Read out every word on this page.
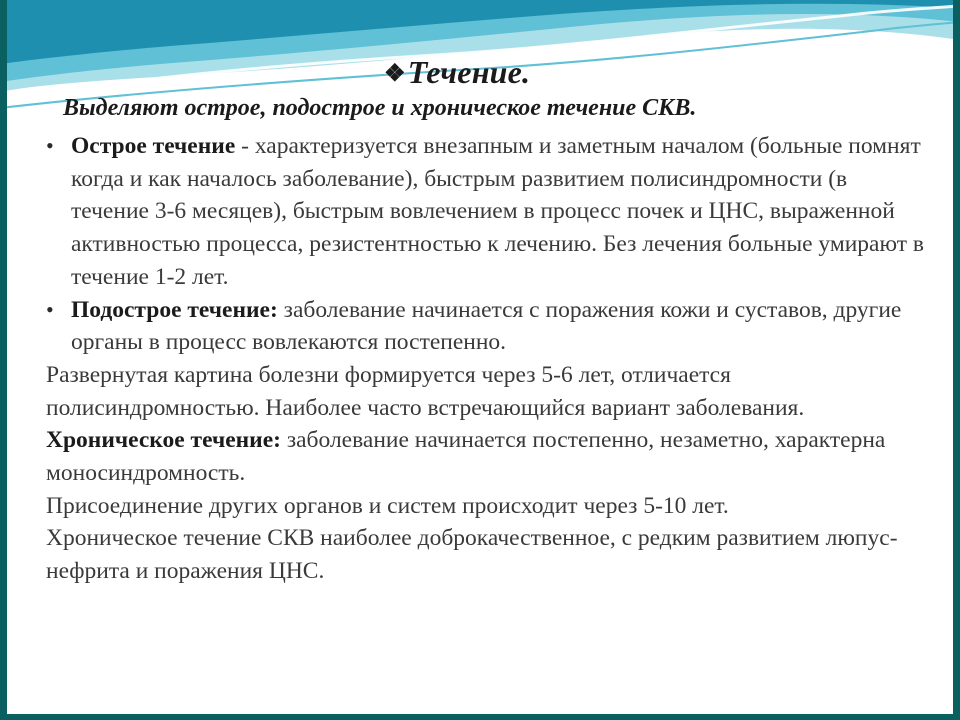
❖Течение.
Выделяют острое, подострое и хроническое течение СКВ.

• Острое течение - характеризуется внезапным и заметным началом (больные помнят когда и как началось заболевание), быстрым развитием полисиндромности (в течение 3-6 месяцев), быстрым вовлечением в процесс почек и ЦНС, выраженной активностью процесса, резистентностью к лечению. Без лечения больные умирают в течение 1-2 лет.

• Подострое течение: заболевание начинается с поражения кожи и суставов, другие органы в процесс вовлекаются постепенно.

Развернутая картина болезни формируется через 5-6 лет, отличается полисиндромностью. Наиболее часто встречающийся вариант заболевания.

Хроническое течение: заболевание начинается постепенно, незаметно, характерна моносиндромность.

Присоединение других органов и систем происходит через 5-10 лет.

Хроническое течение СКВ наиболее доброкачественное, с редким развитием люпус-нефрита и поражения ЦНС.
